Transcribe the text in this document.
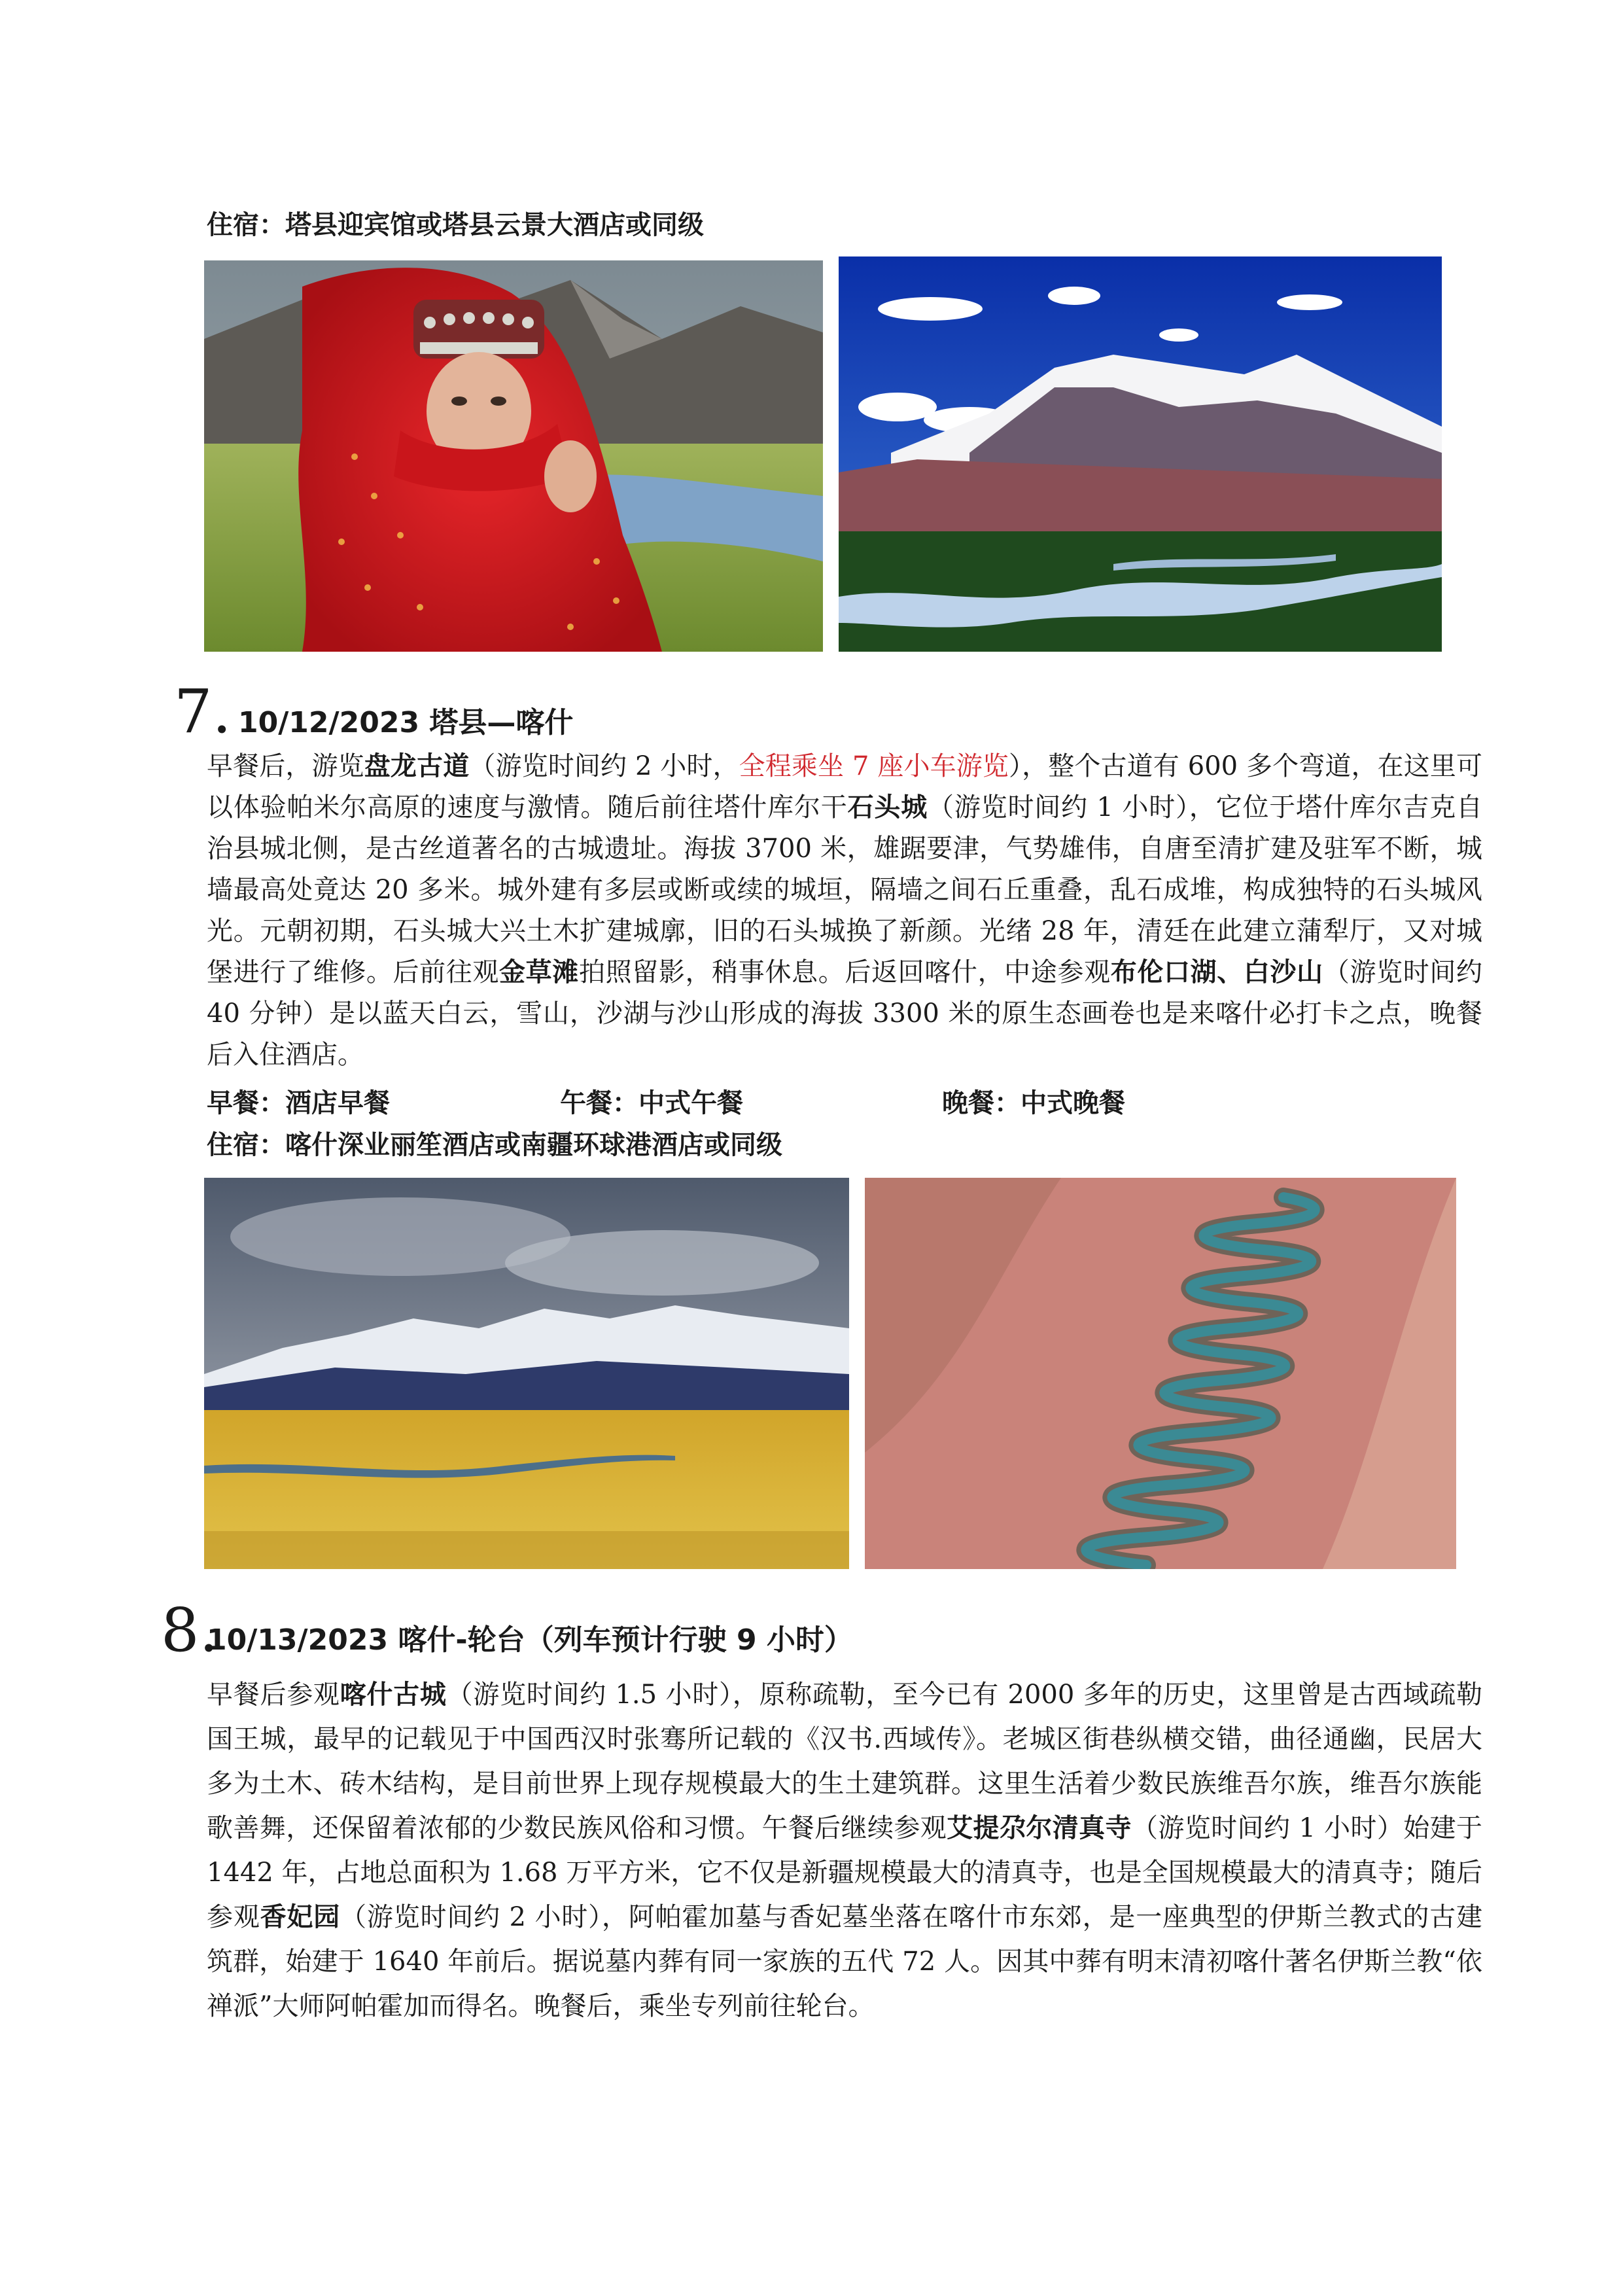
住宿：塔县迎宾馆或塔县云景大酒店或同级
7. 10/12/2023 塔县—喀什

早餐后，游览盘龙古道（游览时间约 2 小时，全程乘坐 7 座小车游览），整个古道有 600 多个弯道，在这里可以体验帕米尔高原的速度与激情。随后前往塔什库尔干石头城（游览时间约 1 小时），它位于塔什库尔吉克自治县城北侧，是古丝道著名的古城遗址。海拔 3700 米，雄踞要津，气势雄伟，自唐至清扩建及驻军不断，城墙最高处竟达 20 多米。城外建有多层或断或续的城垣，隔墙之间石丘重叠，乱石成堆，构成独特的石头城风光。元朝初期，石头城大兴土木扩建城廓，旧的石头城换了新颜。光绪 28 年，清廷在此建立蒲犁厅，又对城堡进行了维修。后前往观金草滩拍照留影，稍事休息。后返回喀什，中途参观布伦口湖、白沙山（游览时间约 40 分钟）是以蓝天白云，雪山，沙湖与沙山形成的海拔 3300 米的原生态画卷也是来喀什必打卡之点，晚餐后入住酒店。

早餐：酒店早餐	午餐：中式午餐	晚餐：中式晚餐
住宿：喀什深业丽笙酒店或南疆环球港酒店或同级
8.
10/13/2023 喀什-轮台（列车预计行驶 9 小时）

早餐后参观喀什古城（游览时间约 1.5 小时），原称疏勒，至今已有 2000 多年的历史，这里曾是古西域疏勒国王城，最早的记载见于中国西汉时张骞所记载的《汉书.西域传》。老城区街巷纵横交错，曲径通幽，民居大多为土木、砖木结构，是目前世界上现存规模最大的生土建筑群。这里生活着少数民族维吾尔族，维吾尔族能歌善舞，还保留着浓郁的少数民族风俗和习惯。午餐后继续参观艾提尕尔清真寺（游览时间约 1 小时）始建于 1442 年，占地总面积为 1.68 万平方米，它不仅是新疆规模最大的清真寺，也是全国规模最大的清真寺；随后参观香妃园（游览时间约 2 小时），阿帕霍加墓与香妃墓坐落在喀什市东郊，是一座典型的伊斯兰教式的古建筑群，始建于 1640 年前后。据说墓内葬有同一家族的五代 72 人。因其中葬有明末清初喀什著名伊斯兰教“依禅派”大师阿帕霍加而得名。晚餐后，乘坐专列前往轮台。
